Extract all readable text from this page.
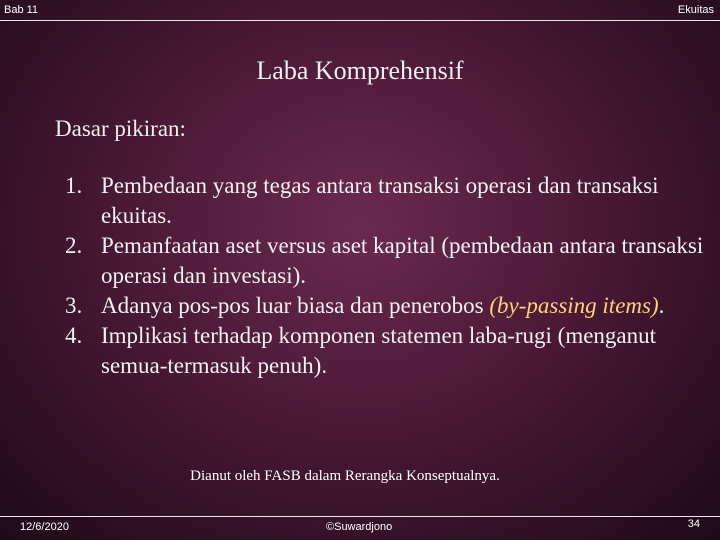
Bab 11	Ekuitas
Laba Komprehensif
Dasar pikiran:
1. Pembedaan yang tegas antara transaksi operasi dan transaksi ekuitas.
2. Pemanfaatan aset versus aset kapital (pembedaan antara transaksi operasi dan investasi).
3. Adanya pos-pos luar biasa dan penerobos (by-passing items).
4. Implikasi terhadap komponen statemen laba-rugi (menganut semua-termasuk penuh).
Dianut oleh FASB dalam Rerangka Konseptualnya.
12/6/2020	©Suwardjono	34
